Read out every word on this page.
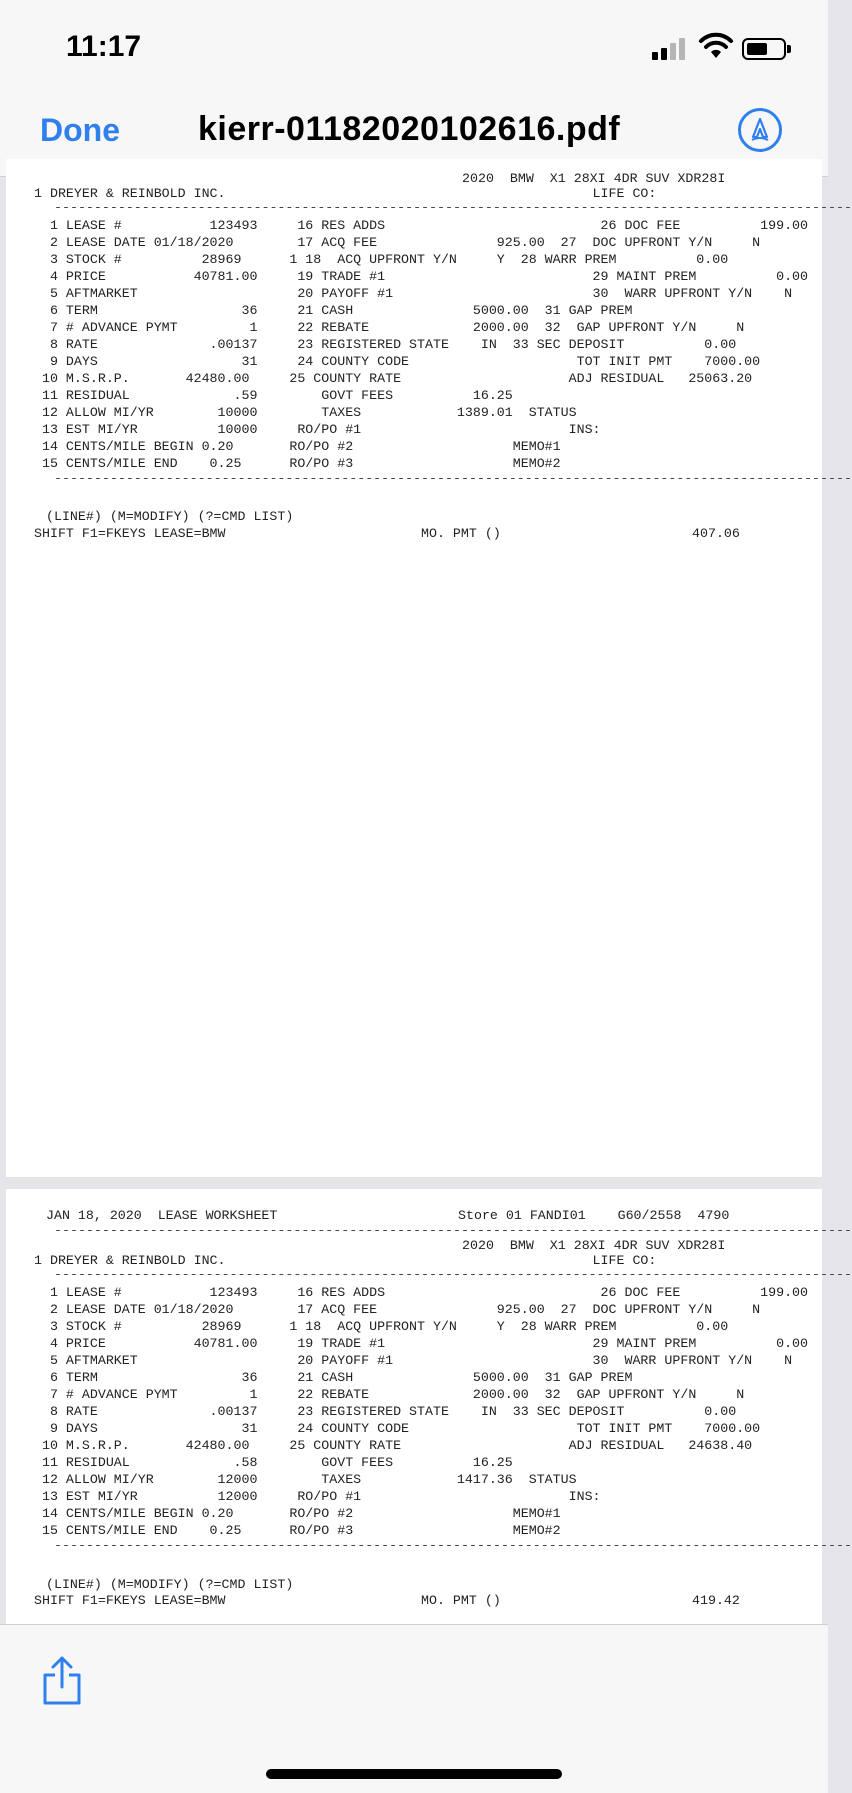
11:17
Done kierr-01182020102616.pdf
2020  BMW  X1 28XI 4DR SUV XDR28I
1 DREYER & REINBOLD INC.                                              LIFE CO:
----------------------------------------------------------------------------------------------------
1 LEASE #           123493     16 RES ADDS                           26 DOC FEE          199.00
2 LEASE DATE 01/18/2020        17 ACQ FEE               925.00  27  DOC UPFRONT Y/N     N
3 STOCK #          28969      1 18  ACQ UPFRONT Y/N     Y  28 WARR PREM          0.00
4 PRICE           40781.00     19 TRADE #1                          29 MAINT PREM          0.00
5 AFTMARKET                    20 PAYOFF #1                         30  WARR UPFRONT Y/N    N
6 TERM                  36     21 CASH               5000.00  31 GAP PREM
7 # ADVANCE PYMT         1     22 REBATE             2000.00  32  GAP UPFRONT Y/N     N
8 RATE              .00137     23 REGISTERED STATE    IN  33 SEC DEPOSIT          0.00
9 DAYS                  31     24 COUNTY CODE                     TOT INIT PMT    7000.00
10 M.S.R.P.       42480.00     25 COUNTY RATE                     ADJ RESIDUAL   25063.20
11 RESIDUAL             .59        GOVT FEES          16.25
12 ALLOW MI/YR        10000        TAXES            1389.01  STATUS
13 EST MI/YR          10000     RO/PO #1                          INS:
14 CENTS/MILE BEGIN 0.20       RO/PO #2                    MEMO#1
15 CENTS/MILE END    0.25      RO/PO #3                    MEMO#2
----------------------------------------------------------------------------------------------------
(LINE#) (M=MODIFY) (?=CMD LIST)
SHIFT F1=FKEYS LEASE=BMW	MO. PMT ()	407.06
JAN 18, 2020  LEASE WORKSHEET	Store 01 FANDI01    G60/2558  4790
----------------------------------------------------------------------------------------------------
2020  BMW  X1 28XI 4DR SUV XDR28I
1 DREYER & REINBOLD INC.                                              LIFE CO:
----------------------------------------------------------------------------------------------------
1 LEASE #           123493     16 RES ADDS                           26 DOC FEE          199.00
2 LEASE DATE 01/18/2020        17 ACQ FEE               925.00  27  DOC UPFRONT Y/N     N
3 STOCK #          28969      1 18  ACQ UPFRONT Y/N     Y  28 WARR PREM          0.00
4 PRICE           40781.00     19 TRADE #1                          29 MAINT PREM          0.00
5 AFTMARKET                    20 PAYOFF #1                         30  WARR UPFRONT Y/N    N
6 TERM                  36     21 CASH               5000.00  31 GAP PREM
7 # ADVANCE PYMT         1     22 REBATE             2000.00  32  GAP UPFRONT Y/N     N
8 RATE              .00137     23 REGISTERED STATE    IN  33 SEC DEPOSIT          0.00
9 DAYS                  31     24 COUNTY CODE                     TOT INIT PMT    7000.00
10 M.S.R.P.       42480.00     25 COUNTY RATE                     ADJ RESIDUAL   24638.40
11 RESIDUAL             .58        GOVT FEES          16.25
12 ALLOW MI/YR        12000        TAXES            1417.36  STATUS
13 EST MI/YR          12000     RO/PO #1                          INS:
14 CENTS/MILE BEGIN 0.20       RO/PO #2                    MEMO#1
15 CENTS/MILE END    0.25      RO/PO #3                    MEMO#2
----------------------------------------------------------------------------------------------------
(LINE#) (M=MODIFY) (?=CMD LIST)
SHIFT F1=FKEYS LEASE=BMW	MO. PMT ()	419.42
